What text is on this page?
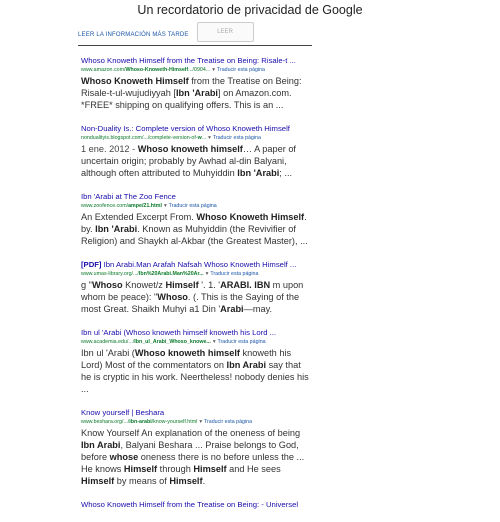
Un recordatorio de privacidad de Google
LEER LA INFORMACIÓN MÁS TARDE	LEER
Whoso Knoweth Himself from the Treatise on Being: Risale-t ...
www.amazon.com/Whoso-Knoweth-Himself.../0904... ▾ Traducir esta página
Whoso Knoweth Himself from the Treatise on Being: Risale-t-ul-wujudiyyah [Ibn 'Arabi] on Amazon.com. *FREE* shipping on qualifying offers. This is an ...
Non-Duality Is.: Complete version of Whoso Knoweth Himself
nondualityis.blogspot.com/.../complete-version-of-w... ▾ Traducir esta página
1 ene. 2012 - Whoso knoweth himself… A paper of uncertain origin; probably by Awhad al-din Balyani, although often attributed to Muhyiddin Ibn 'Arabi; ...
Ibn 'Arabi at The Zoo Fence
www.zoofence.com/ampe/21.html ▾ Traducir esta página
An Extended Excerpt From. Whoso Knoweth Himself. by. Ibn 'Arabi. Known as Muhyiddin (the Revivifier of Religion) and Shaykh al-Akbar (the Greatest Master), ...
[PDF] Ibn Arabi.Man Arafah Nafsah Whoso Knoweth Himself ...
www.umas-library.org/.../Ibn%20Arabi.Man%20Ar... ▾ Traducir esta página
g "Whoso Knowet/z Himself '. 1. 'ARABI. IBN m upon whom be peace): "Whoso. (. This is the Saying of the most Great. Shaikh Muhyi a1 Din 'Arabi—may.
Ibn ul 'Arabi (Whoso knoweth himself knoweth his Lord ...
www.academia.edu/.../Ibn_ul_Arabi_Whoso_knowe... ▾ Traducir esta página
Ibn ul 'Arabi (Whoso knoweth himself knoweth his Lord) Most of the commentators on Ibn Arabi say that he is cryptic in his work. Neertheless! nobody denies his ...
Know yourself | Beshara
www.beshara.org/.../ibn-arabi/know-yourself.html ▾ Traducir esta página
Know Yourself An explanation of the oneness of being Ibn Arabi, Balyani Beshara ... Praise belongs to God, before whose oneness there is no before unless the ... He knows Himself through Himself and He sees Himself by means of Himself.
Whoso Knoweth Himself from the Treatise on Being: - Universel
